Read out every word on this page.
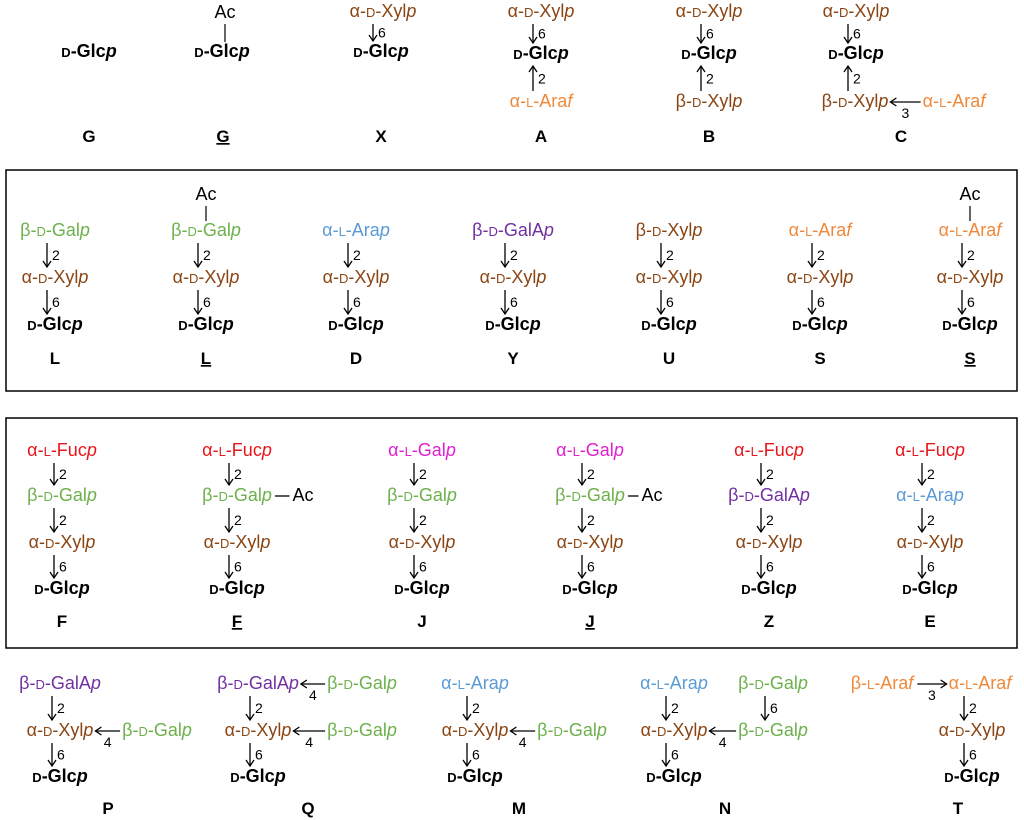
D-Glcp
G
Ac
D-Glcp
G
α-D-Xylp
D-Glcp
6
X
α-D-Xylp
D-Glcp
α-L-Araf
6
2
A
α-D-Xylp
D-Glcp
β-D-Xylp
6
2
B
α-D-Xylp
D-Glcp
β-D-Xylp α-L-Araf
6
2
3
C
β-D-Galp
α-D-Xylp
D-Glcp
2
6
L
Ac
β-D-Galp
α-D-Xylp
D-Glcp
2
6
L
α-L-Arap
α-D-Xylp
D-Glcp
2
6
D
β-D-GalAp
α-D-Xylp
D-Glcp
2
6
Y
β-D-Xylp
α-D-Xylp
D-Glcp
2
6
U
α-L-Araf
α-D-Xylp
D-Glcp
2
6
S
Ac
α-L-Araf
α-D-Xylp
D-Glcp
2
6
S
α-L-Fucp
β-D-Galp
α-D-Xylp
D-Glcp
2
2
6
F
α-L-Fucp
β-D-Galp
α-D-Xylp
D-Glcp
Ac
2
2
6
F
α-L-Galp
β-D-Galp
α-D-Xylp
D-Glcp
2
2
6
J
α-L-Galp
β-D-Galp
α-D-Xylp
D-Glcp
Ac
2
2
6
J
α-L-Fucp
β-D-GalAp
α-D-Xylp
D-Glcp
2
2
6
Z
α-L-Fucp
α-L-Arap
α-D-Xylp
D-Glcp
2
2
6
E
β-D-GalAp
α-D-Xylp
D-Glcp
β-D-Galp
2
6
4
P
β-D-GalAp
α-D-Xylp
D-Glcp
β-D-Galp
β-D-Galp
2
6
4
4
Q
α-L-Arap
α-D-Xylp
D-Glcp
β-D-Galp
2
6
4
M
α-L-Arap
α-D-Xylp
D-Glcp
β-D-Galp
β-D-Galp
2
6
6
4
N
β-L-Araf α-L-Araf
α-D-Xylp
D-Glcp
3
2
6
T
